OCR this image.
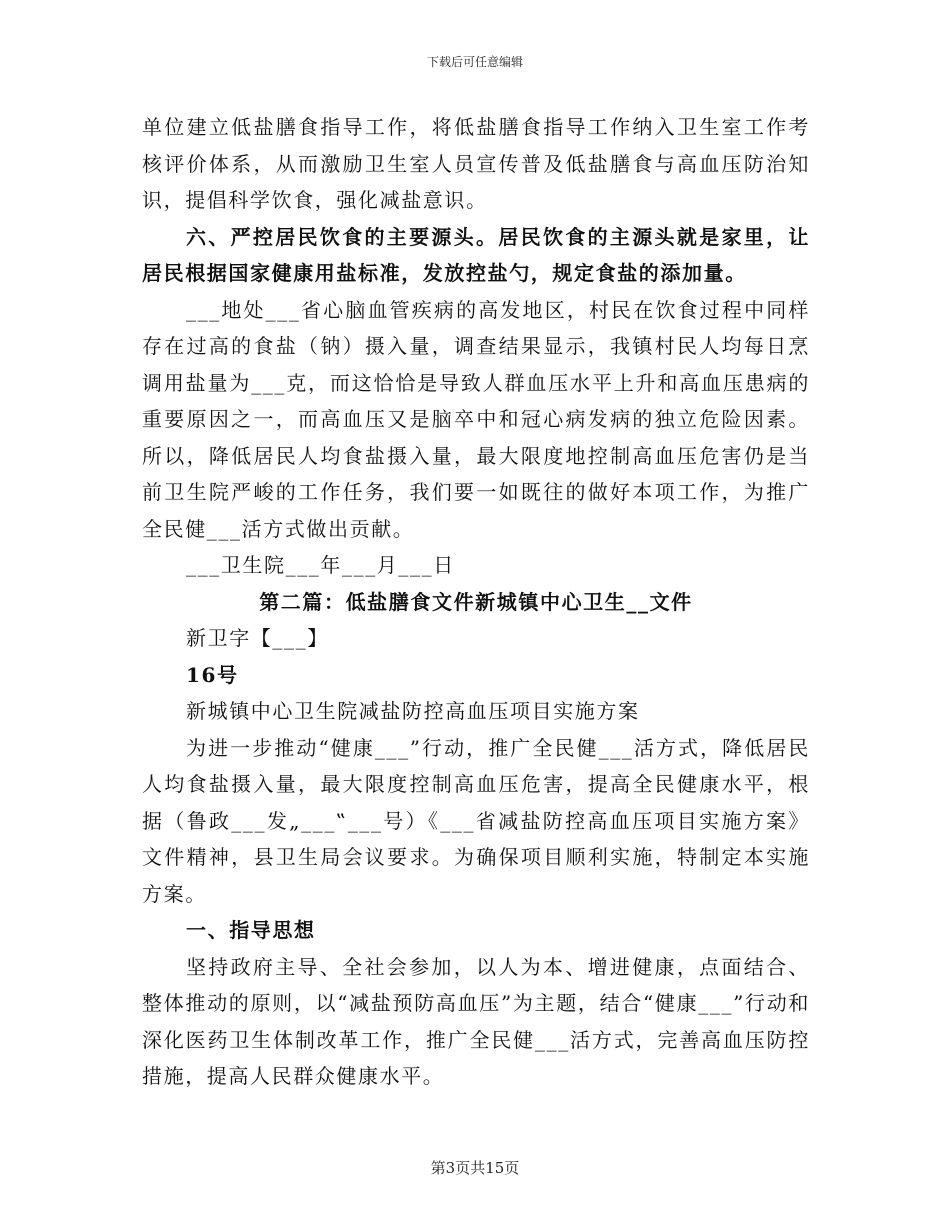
下载后可任意编辑

单位建立低盐膳食指导工作，将低盐膳食指导工作纳入卫生室工作考核评价体系，从而激励卫生室人员宣传普及低盐膳食与高血压防治知识，提倡科学饮食，强化减盐意识。

六、严控居民饮食的主要源头。居民饮食的主源头就是家里，让居民根据国家健康用盐标准，发放控盐勺，规定食盐的添加量。

___地处___省心脑血管疾病的高发地区，村民在饮食过程中同样存在过高的食盐（钠）摄入量，调查结果显示，我镇村民人均每日烹调用盐量为___克，而这恰恰是导致人群血压水平上升和高血压患病的重要原因之一，而高血压又是脑卒中和冠心病发病的独立危险因素。所以，降低居民人均食盐摄入量，最大限度地控制高血压危害仍是当前卫生院严峻的工作任务，我们要一如既往的做好本项工作，为推广全民健___活方式做出贡献。

___卫生院___年___月___日

第二篇：低盐膳食文件新城镇中心卫生__文件

新卫字【___】

16号

新城镇中心卫生院减盐防控高血压项目实施方案

为进一步推动“健康___”行动，推广全民健___活方式，降低居民人均食盐摄入量，最大限度控制高血压危害，提高全民健康水平，根据（鲁政___发„___‟___号）《___省减盐防控高血压项目实施方案》文件精神，县卫生局会议要求。为确保项目顺利实施，特制定本实施方案。

一、指导思想

坚持政府主导、全社会参加，以人为本、增进健康，点面结合、整体推动的原则，以“减盐预防高血压”为主题，结合“健康___”行动和深化医药卫生体制改革工作，推广全民健___活方式，完善高血压防控措施，提高人民群众健康水平。

第3页共15页
